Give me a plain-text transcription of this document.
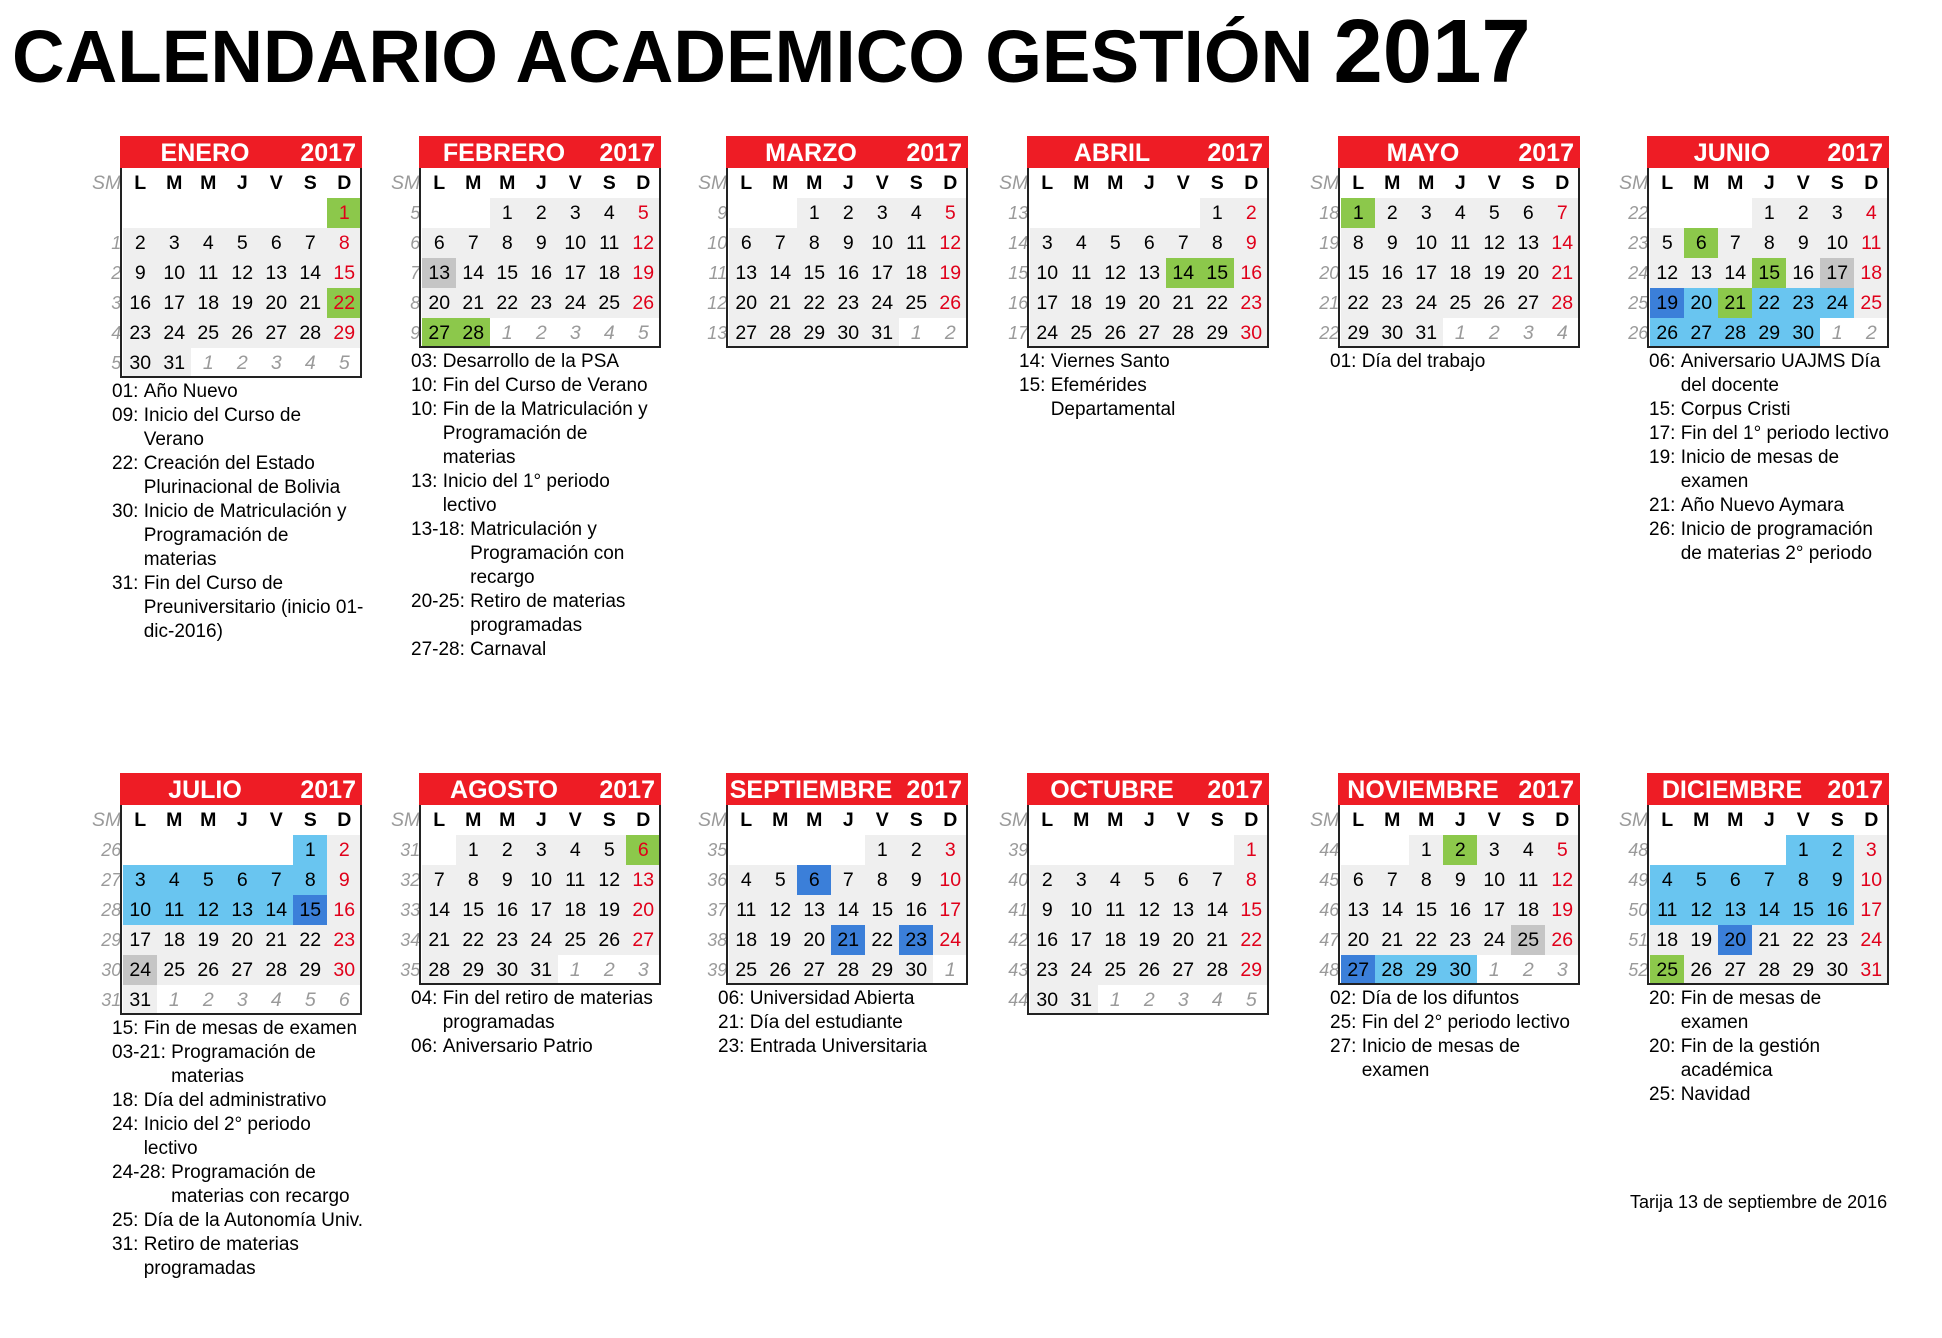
CALENDARIO ACADEMICO GESTIÓN 2017
ENERO	2017
SM	L	M	M	J	V	S	D
							1
1	2	3	4	5	6	7	8
2	9	10	11	12	13	14	15
3	16	17	18	19	20	21	22
4	23	24	25	26	27	28	29
5	30	31	1	2	3	4	5
01:
Año Nuevo
09:
Inicio del Curso de Verano
22:
Creación del Estado Plurinacional de Bolivia
30:
Inicio de Matriculación y Programación de materias
31:
Fin del Curso de Preuniversitario (inicio 01-dic-2016)
FEBRERO	2017
SM	L	M	M	J	V	S	D
5			1	2	3	4	5
6	6	7	8	9	10	11	12
7	13	14	15	16	17	18	19
8	20	21	22	23	24	25	26
9	27	28	1	2	3	4	5
03:
Desarrollo de la PSA
10:
Fin del Curso de Verano
10:
Fin de la Matriculación y Programación de materias
13:
Inicio del 1° periodo lectivo
13-18:
Matriculación y Programación con recargo
20-25:
Retiro de materias programadas
27-28:
Carnaval
MARZO	2017
SM	L	M	M	J	V	S	D
9			1	2	3	4	5
10	6	7	8	9	10	11	12
11	13	14	15	16	17	18	19
12	20	21	22	23	24	25	26
13	27	28	29	30	31	1	2
ABRIL	2017
SM	L	M	M	J	V	S	D
13						1	2
14	3	4	5	6	7	8	9
15	10	11	12	13	14	15	16
16	17	18	19	20	21	22	23
17	24	25	26	27	28	29	30
14:
Viernes Santo
15:
Efemérides Departamental
MAYO	2017
SM	L	M	M	J	V	S	D
18	1	2	3	4	5	6	7
19	8	9	10	11	12	13	14
20	15	16	17	18	19	20	21
21	22	23	24	25	26	27	28
22	29	30	31	1	2	3	4
01:
Día del trabajo
JUNIO	2017
SM	L	M	M	J	V	S	D
22				1	2	3	4
23	5	6	7	8	9	10	11
24	12	13	14	15	16	17	18
25	19	20	21	22	23	24	25
26	26	27	28	29	30	1	2
06:
Aniversario UAJMS Día del docente
15:
Corpus Cristi
17:
Fin del 1° periodo lectivo
19:
Inicio de mesas de examen
21:
Año Nuevo Aymara
26:
Inicio de programación de materias 2° periodo
JULIO	2017
SM	L	M	M	J	V	S	D
26						1	2
27	3	4	5	6	7	8	9
28	10	11	12	13	14	15	16
29	17	18	19	20	21	22	23
30	24	25	26	27	28	29	30
31	31	1	2	3	4	5	6
15:
Fin de mesas de examen
03-21:
Programación de materias
18:
Día del administrativo
24:
Inicio del 2° periodo lectivo
24-28:
Programación de materias con recargo
25:
Día de la Autonomía Univ.
31:
Retiro de materias programadas
AGOSTO	2017
SM	L	M	M	J	V	S	D
31		1	2	3	4	5	6
32	7	8	9	10	11	12	13
33	14	15	16	17	18	19	20
34	21	22	23	24	25	26	27
35	28	29	30	31	1	2	3
04:
Fin del retiro de materias programadas
06:
Aniversario Patrio
SEPTIEMBRE 2017
SM	L	M	M	J	V	S	D
35					1	2	3
36	4	5	6	7	8	9	10
37	11	12	13	14	15	16	17
38	18	19	20	21	22	23	24
39	25	26	27	28	29	30	1
06:
Universidad Abierta
21:
Día del estudiante
23:
Entrada Universitaria
OCTUBRE	2017
SM	L	M	M	J	V	S	D
39							1
40	2	3	4	5	6	7	8
41	9	10	11	12	13	14	15
42	16	17	18	19	20	21	22
43	23	24	25	26	27	28	29
44	30	31	1	2	3	4	5
NOVIEMBRE 2017
SM	L	M	M	J	V	S	D
44			1	2	3	4	5
45	6	7	8	9	10	11	12
46	13	14	15	16	17	18	19
47	20	21	22	23	24	25	26
48	27	28	29	30	1	2	3
02:
Día de los difuntos
25:
Fin del 2° periodo lectivo
27:
Inicio de mesas de examen
DICIEMBRE	2017
SM	L	M	M	J	V	S	D
48					1	2	3
49	4	5	6	7	8	9	10
50	11	12	13	14	15	16	17
51	18	19	20	21	22	23	24
52	25	26	27	28	29	30	31
20:
Fin de mesas de examen
20:
Fin de la gestión académica
25:
Navidad
Tarija 13 de septiembre de 2016
